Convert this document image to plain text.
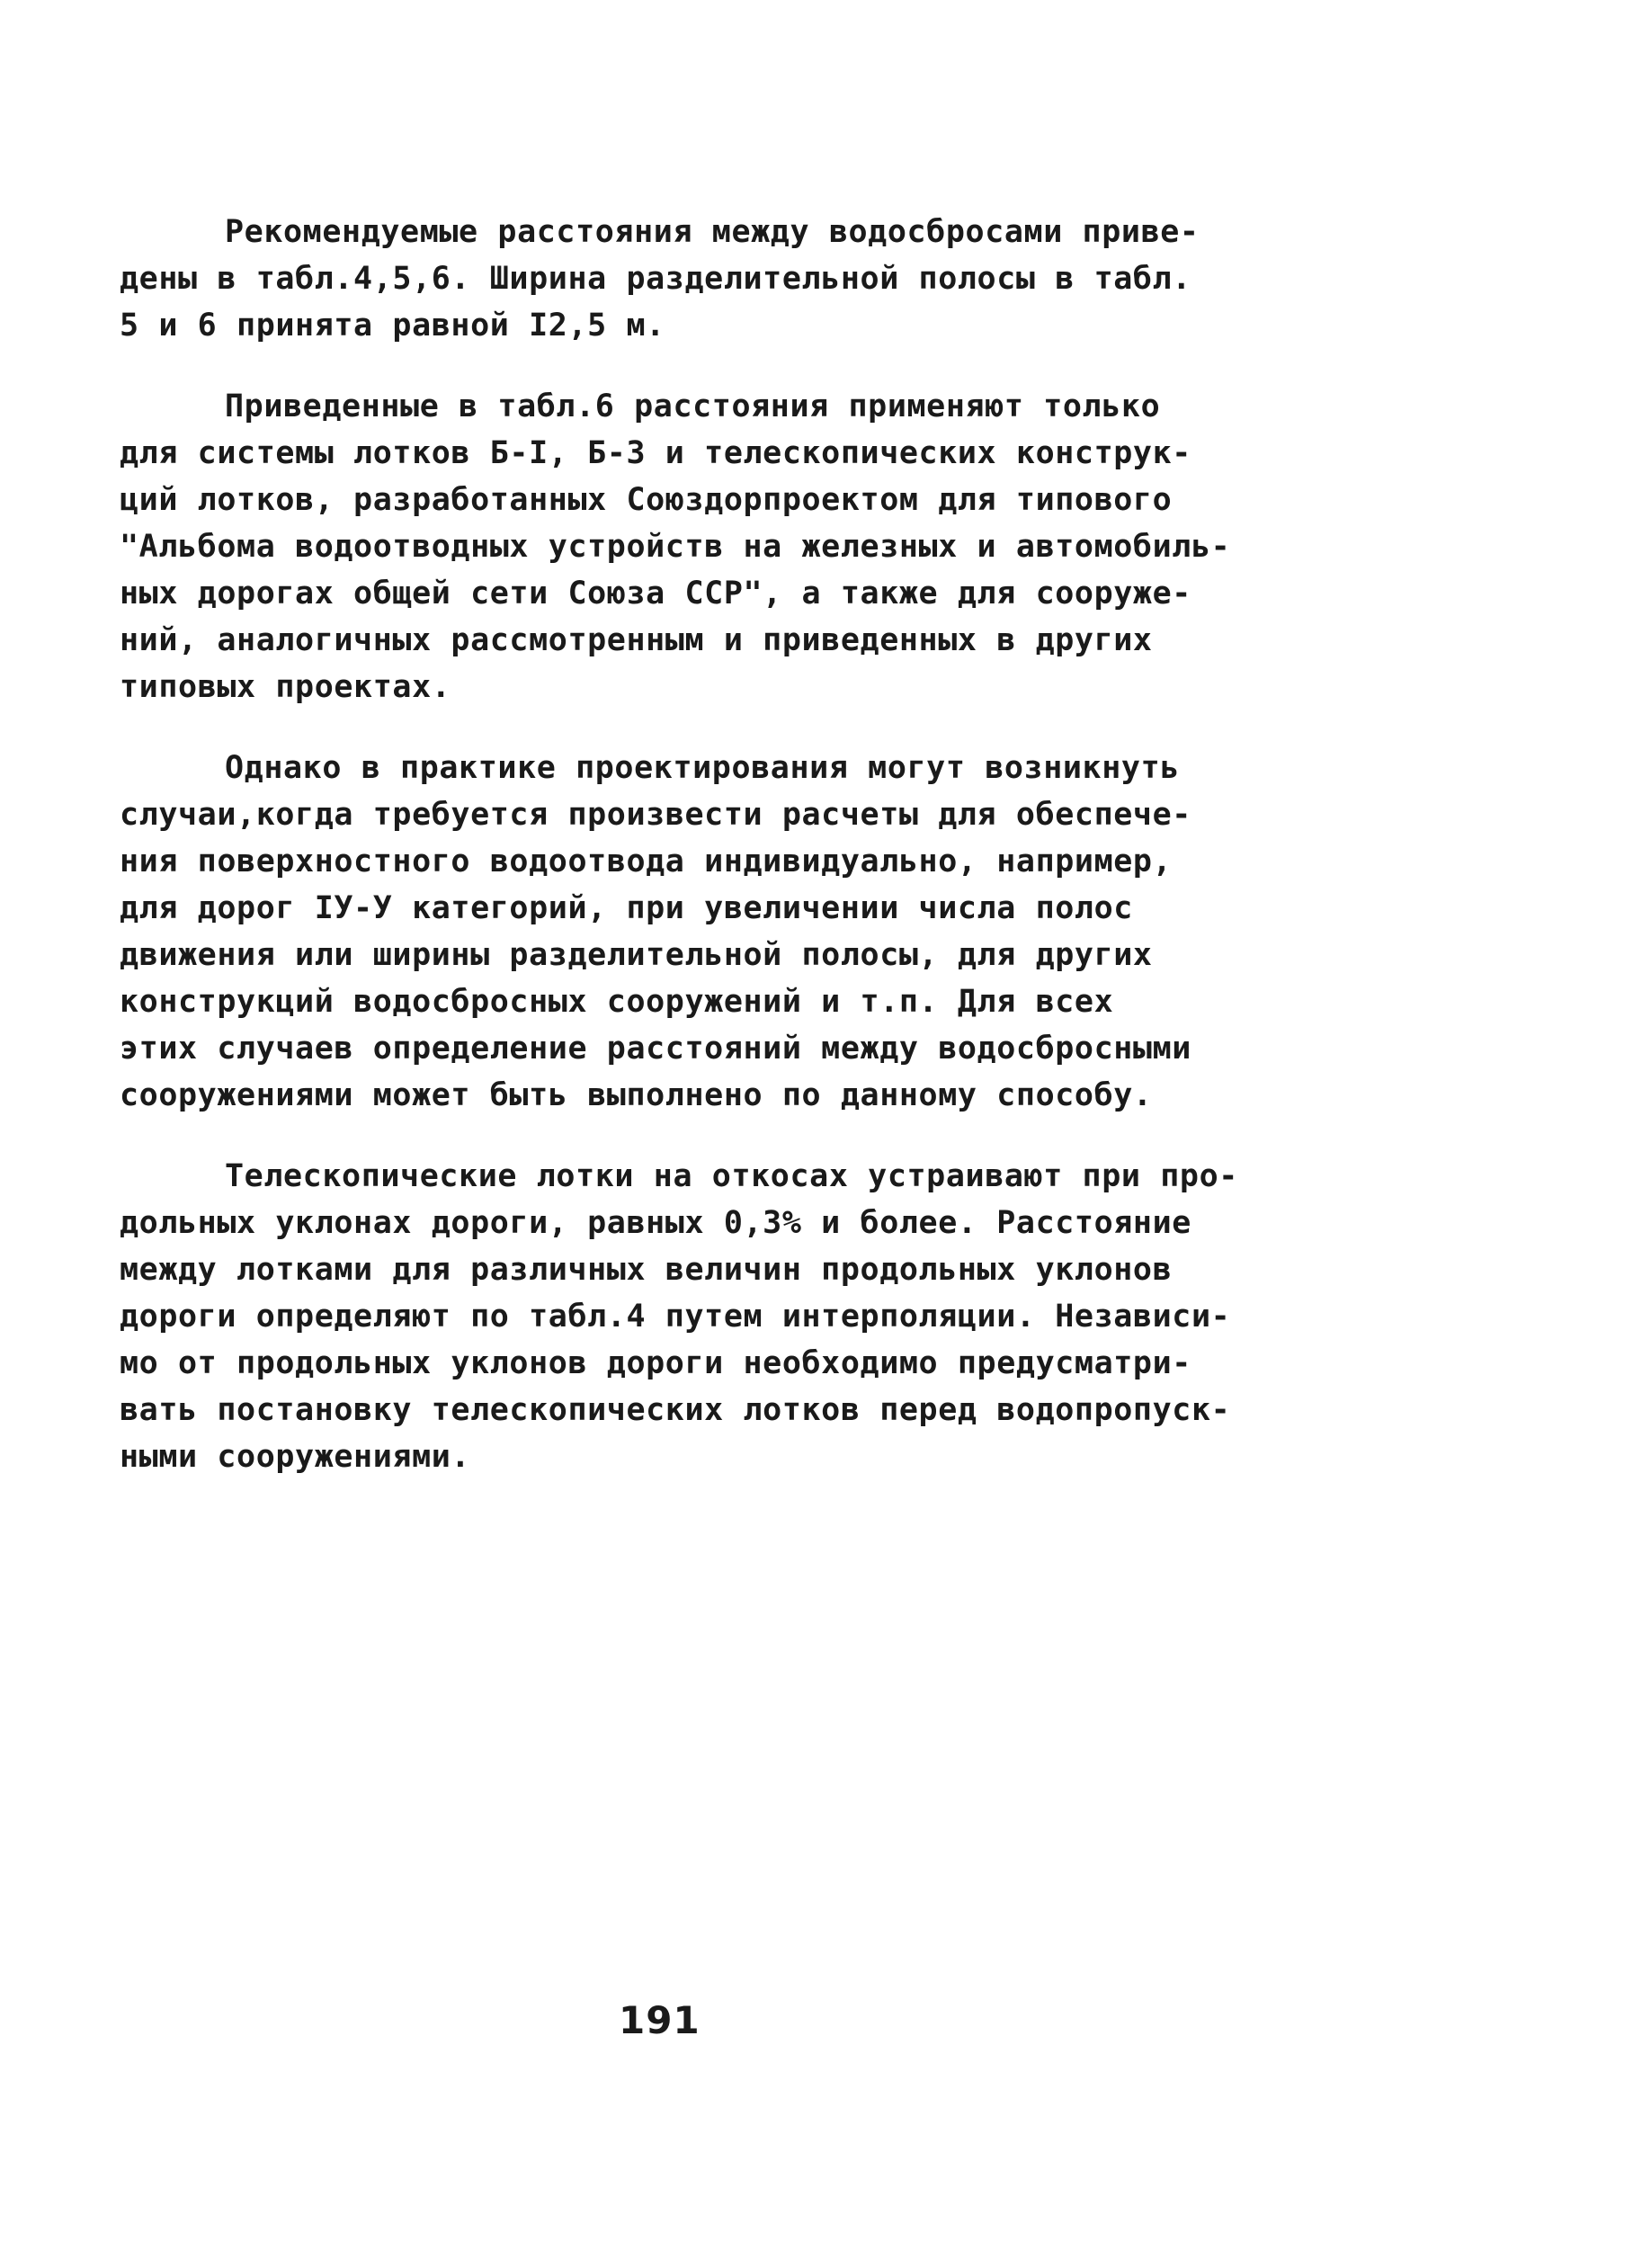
Рекомендуемые расстояния между водосбросами приве-
дены в табл.4,5,6. Ширина разделительной полосы в табл.
5 и 6 принята равной I2,5 м.

Приведенные в табл.6 расстояния применяют только
для системы лотков Б-I, Б-3 и телескопических конструк-
ций лотков, разработанных Союздорпроектом для типового
"Альбома водоотводных устройств на железных и автомобиль-
ных дорогах общей сети Союза ССР", а также для сооруже-
ний, аналогичных рассмотренным и приведенных в других
типовых проектах.

Однако в практике проектирования могут возникнуть
случаи,когда требуется произвести расчеты для обеспече-
ния поверхностного водоотвода индивидуально, например,
для дорог IУ-У категорий, при увеличении числа полос
движения или ширины разделительной полосы, для других
конструкций водосбросных сооружений и т.п. Для всех
этих случаев определение расстояний между водосбросными
сооружениями может быть выполнено по данному способу.

Телескопические лотки на откосах устраивают при про-
дольных уклонах дороги, равных 0,3% и более. Расстояние
между лотками для различных величин продольных уклонов
дороги определяют по табл.4 путем интерполяции. Независи-
мо от продольных уклонов дороги необходимо предусматри-
вать постановку телескопических лотков перед водопропуск-
ными сооружениями.

191
